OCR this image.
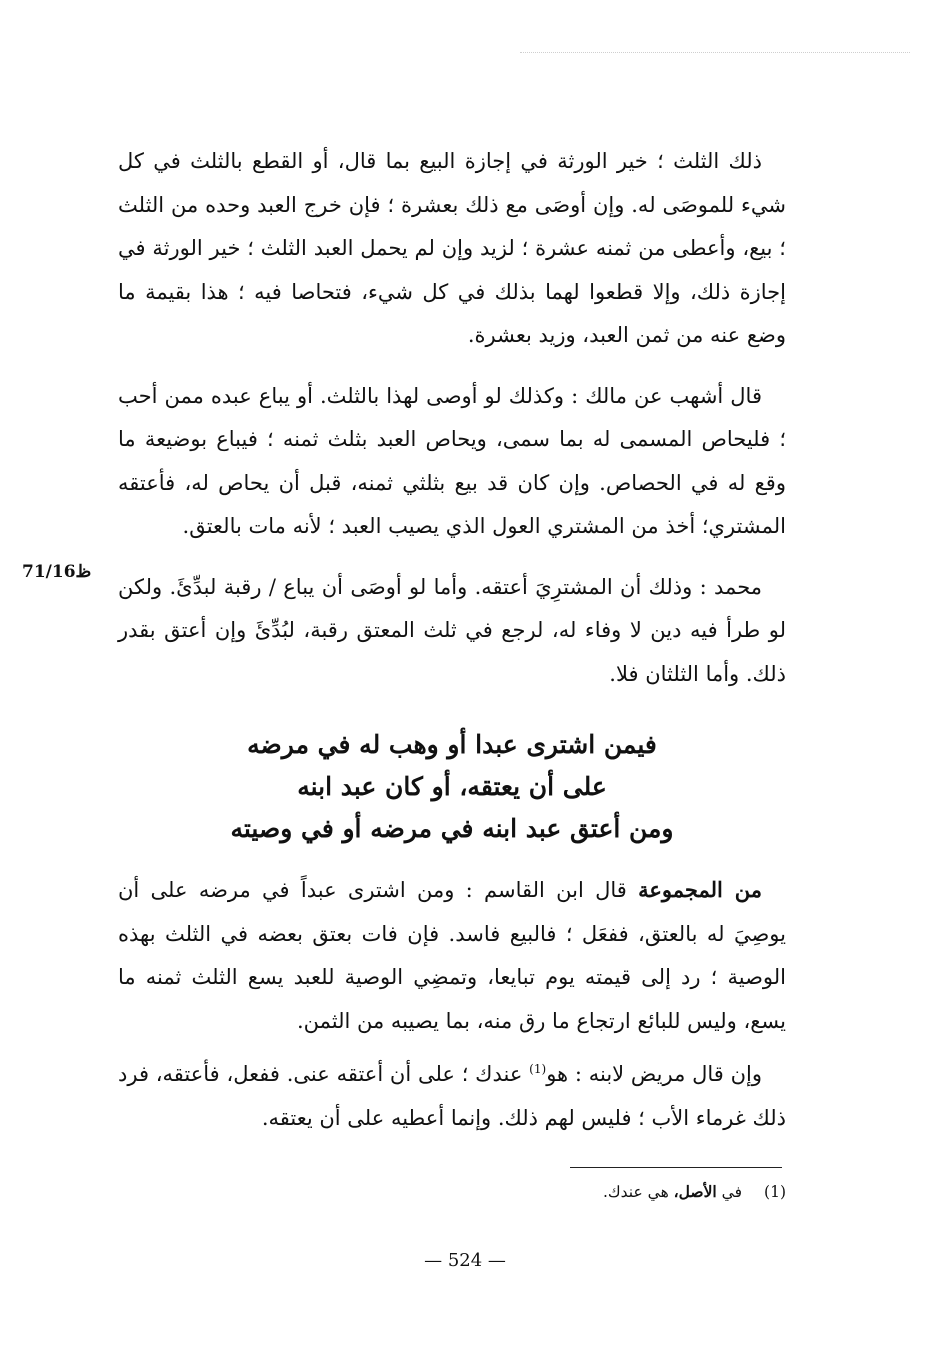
71/16ظ

ذلك الثلث ؛ خير الورثة في إجازة البيع بما قال، أو القطع بالثلث في كل شيء للموصَى له. وإن أوصَى مع ذلك بعشرة ؛ فإن خرج العبد وحده من الثلث ؛ بيع، وأعطى من ثمنه عشرة ؛ لزيد وإن لم يحمل العبد الثلث ؛ خير الورثة في إجازة ذلك، وإلا قطعوا لهما بذلك في كل شيء، فتحاصا فيه ؛ هذا بقيمة ما وضع عنه من ثمن العبد، وزيد بعشرة.

قال أشهب عن مالك : وكذلك لو أوصى لهذا بالثلث. أو يباع عبده ممن أحب ؛ فليحاص المسمى له بما سمى، ويحاص العبد بثلث ثمنه ؛ فيباع بوضيعة ما وقع له في الحصاص. وإن كان قد بيع بثلثي ثمنه، قبل أن يحاص له، فأعتقه المشتري؛ أخذ من المشتري العول الذي يصيب العبد ؛ لأنه مات بالعتق.

محمد : وذلك أن المشترِيَ أعتقه. وأما لو أوصَى أن يباع / رقبة لبدِّئَ. ولكن لو طرأ فيه دين لا وفاء له، لرجع في ثلث المعتق رقبة، لبُدِّئَ وإن أعتق بقدر ذلك. وأما الثلثان فلا.

فيمن اشترى عبدا أو وهب له في مرضه
على أن يعتقه، أو كان عبد ابنه
ومن أعتق عبد ابنه في مرضه أو في وصيته

من المجموعة قال ابن القاسم : ومن اشترى عبداً في مرضه على أن يوصِيَ له بالعتق، ففعَل ؛ فالبيع فاسد. فإن فات بعتق بعضه في الثلث بهذه الوصية ؛ رد إلى قيمته يوم تبايعا، وتمضِي الوصية للعبد يسع الثلث ثمنه ما يسع، وليس للبائع ارتجاع ما رق منه، بما يصيبه من الثمن.

وإن قال مريض لابنه : هو$^{(1)}$ عندك ؛ على أن أعتقه عنى. ففعل، فأعتقه، فرد ذلك غرماء الأب ؛ فليس لهم ذلك. وإنما أعطيه على أن يعتقه.

(1)في الأصل، هي عندك.
— 524 —
